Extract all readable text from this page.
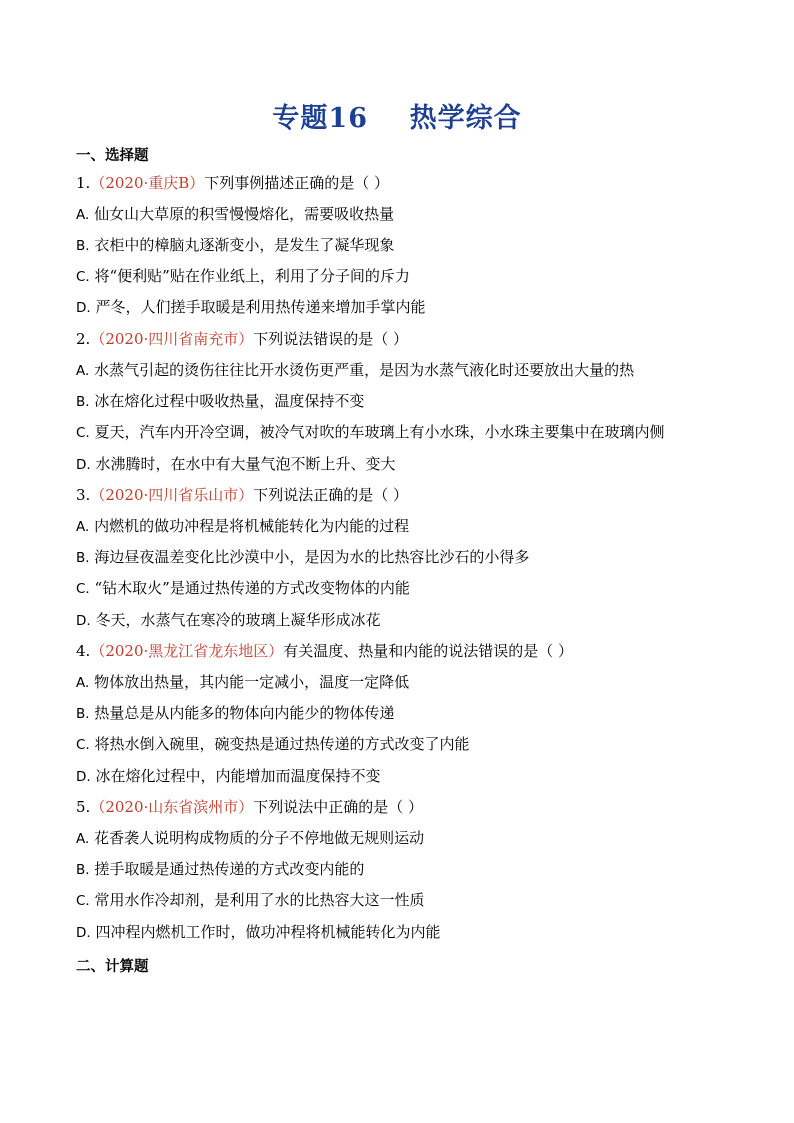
专题16    热学综合
一、选择题
1.（2020·重庆B）下列事例描述正确的是（ ）
A. 仙女山大草原的积雪慢慢熔化，需要吸收热量
B. 衣柜中的樟脑丸逐渐变小，是发生了凝华现象
C. 将“便利贴”贴在作业纸上，利用了分子间的斥力
D. 严冬，人们搓手取暖是利用热传递来增加手掌内能
2.（2020·四川省南充市）下列说法错误的是（ ）
A. 水蒸气引起的烫伤往往比开水烫伤更严重，是因为水蒸气液化时还要放出大量的热
B. 冰在熔化过程中吸收热量，温度保持不变
C. 夏天，汽车内开冷空调，被冷气对吹的车玻璃上有小水珠，小水珠主要集中在玻璃内侧
D. 水沸腾时，在水中有大量气泡不断上升、变大
3.（2020·四川省乐山市）下列说法正确的是（ ）
A. 内燃机的做功冲程是将机械能转化为内能的过程
B. 海边昼夜温差变化比沙漠中小，是因为水的比热容比沙石的小得多
C. “钻木取火”是通过热传递的方式改变物体的内能
D. 冬天，水蒸气在寒冷的玻璃上凝华形成冰花
4.（2020·黑龙江省龙东地区）有关温度、热量和内能的说法错误的是（ ）
A. 物体放出热量，其内能一定减小，温度一定降低
B. 热量总是从内能多的物体向内能少的物体传递
C. 将热水倒入碗里，碗变热是通过热传递的方式改变了内能
D. 冰在熔化过程中，内能增加而温度保持不变
5.（2020·山东省滨州市）下列说法中正确的是（ ）
A. 花香袭人说明构成物质的分子不停地做无规则运动
B. 搓手取暖是通过热传递的方式改变内能的
C. 常用水作冷却剂，是利用了水的比热容大这一性质
D. 四冲程内燃机工作时，做功冲程将机械能转化为内能
二、计算题
